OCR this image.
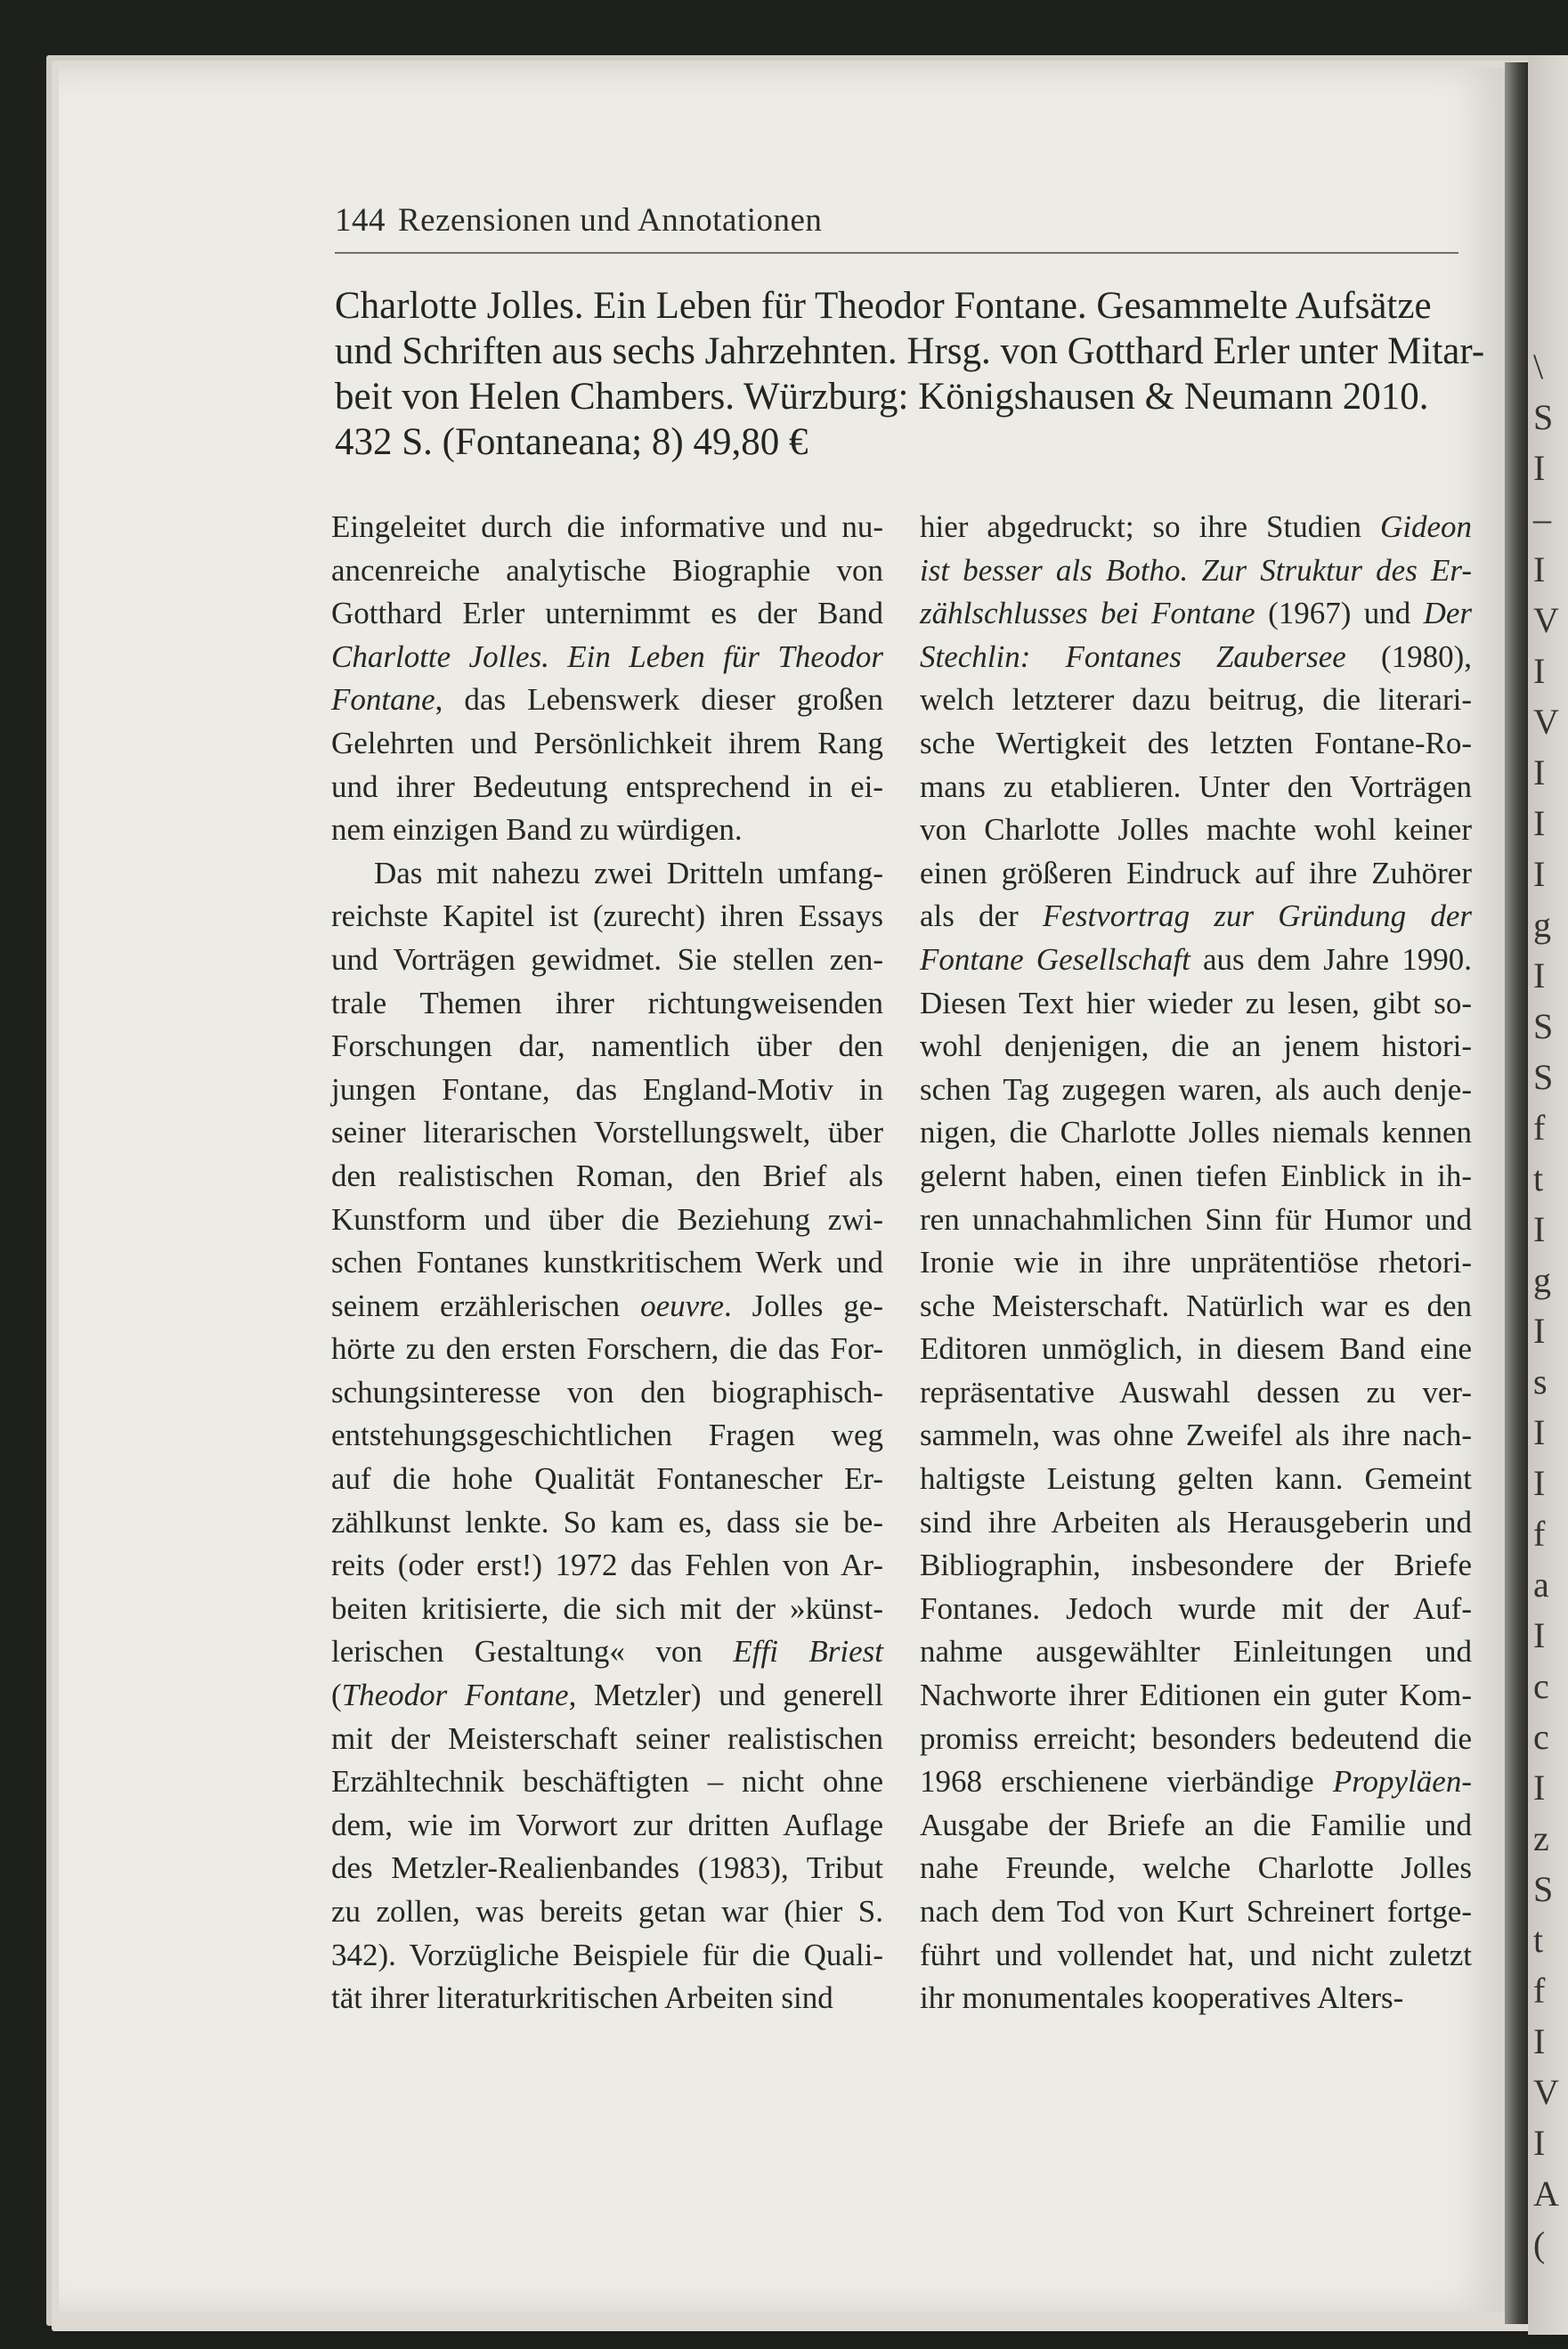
\
S
I
–
I
V
I
V
I
I
I
g
I
S
S
f
t
I
g
I
s
I
I
f
a
I
c
c
I
z
S
t
f
I
V
I
A
(
144 Rezensionen und Annotationen
Charlotte Jolles. Ein Leben für Theodor Fontane. Gesammelte Aufsätze
und Schriften aus sechs Jahrzehnten. Hrsg. von Gotthard Erler unter Mitar-
beit von Helen Chambers. Würzburg: Königshausen & Neumann 2010.
432 S. (Fontaneana; 8) 49,80 €
Eingeleitet durch die informative und nu-
ancenreiche analytische Biographie von
Gotthard Erler unternimmt es der Band
Charlotte Jolles. Ein Leben für Theodor
Fontane, das Lebenswerk dieser großen
Gelehrten und Persönlichkeit ihrem Rang
und ihrer Bedeutung entsprechend in ei-
nem einzigen Band zu würdigen.
Das mit nahezu zwei Dritteln umfang-
reichste Kapitel ist (zurecht) ihren Essays
und Vorträgen gewidmet. Sie stellen zen-
trale Themen ihrer richtungweisenden
Forschungen dar, namentlich über den
jungen Fontane, das England-Motiv in
seiner literarischen Vorstellungswelt, über
den realistischen Roman, den Brief als
Kunstform und über die Beziehung zwi-
schen Fontanes kunstkritischem Werk und
seinem erzählerischen oeuvre. Jolles ge-
hörte zu den ersten Forschern, die das For-
schungsinteresse von den biographisch-
entstehungsgeschichtlichen Fragen weg
auf die hohe Qualität Fontanescher Er-
zählkunst lenkte. So kam es, dass sie be-
reits (oder erst!) 1972 das Fehlen von Ar-
beiten kritisierte, die sich mit der »künst-
lerischen Gestaltung« von Effi Briest
(Theodor Fontane, Metzler) und generell
mit der Meisterschaft seiner realistischen
Erzähltechnik beschäftigten – nicht ohne
dem, wie im Vorwort zur dritten Auflage
des Metzler-Realienbandes (1983), Tribut
zu zollen, was bereits getan war (hier S.
342). Vorzügliche Beispiele für die Quali-
tät ihrer literaturkritischen Arbeiten sind
hier abgedruckt; so ihre Studien Gideon
ist besser als Botho. Zur Struktur des Er-
zählschlusses bei Fontane (1967) und Der
Stechlin: Fontanes Zaubersee (1980),
welch letzterer dazu beitrug, die literari-
sche Wertigkeit des letzten Fontane-Ro-
mans zu etablieren. Unter den Vorträgen
von Charlotte Jolles machte wohl keiner
einen größeren Eindruck auf ihre Zuhörer
als der Festvortrag zur Gründung der
Fontane Gesellschaft aus dem Jahre 1990.
Diesen Text hier wieder zu lesen, gibt so-
wohl denjenigen, die an jenem histori-
schen Tag zugegen waren, als auch denje-
nigen, die Charlotte Jolles niemals kennen
gelernt haben, einen tiefen Einblick in ih-
ren unnachahmlichen Sinn für Humor und
Ironie wie in ihre unprätentiöse rhetori-
sche Meisterschaft. Natürlich war es den
Editoren unmöglich, in diesem Band eine
repräsentative Auswahl dessen zu ver-
sammeln, was ohne Zweifel als ihre nach-
haltigste Leistung gelten kann. Gemeint
sind ihre Arbeiten als Herausgeberin und
Bibliographin, insbesondere der Briefe
Fontanes. Jedoch wurde mit der Auf-
nahme ausgewählter Einleitungen und
Nachworte ihrer Editionen ein guter Kom-
promiss erreicht; besonders bedeutend die
1968 erschienene vierbändige Propyläen-
Ausgabe der Briefe an die Familie und
nahe Freunde, welche Charlotte Jolles
nach dem Tod von Kurt Schreinert fortge-
führt und vollendet hat, und nicht zuletzt
ihr monumentales kooperatives Alters-
